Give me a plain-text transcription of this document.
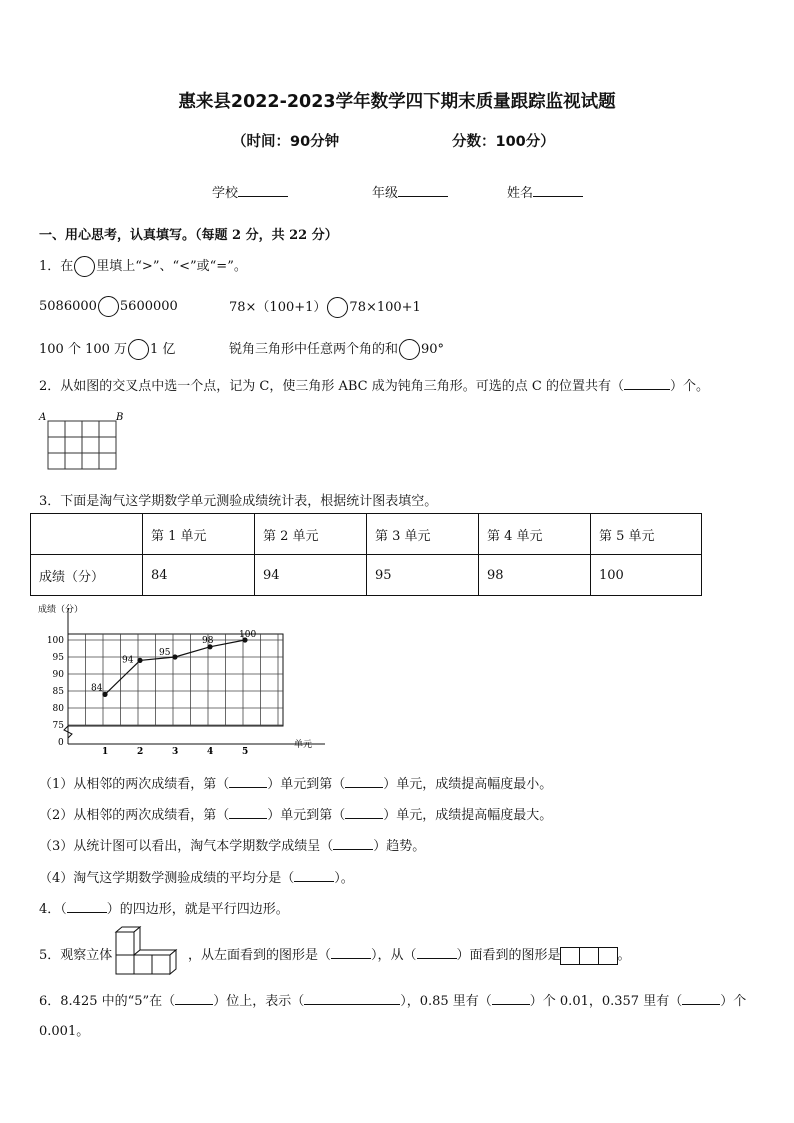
惠来县2022-2023学年数学四下期末质量跟踪监视试题
（时间：90分钟	分数：100分）
学校	年级	姓名
一、用心思考，认真填写。（每题 2 分，共 22 分）
1．在 里填上“>”、“<”或“=”。
5086000 5600000	78×（100+1） 78×100+1
100 个 100 万 1 亿	锐角三角形中任意两个角的和 90°
2．从如图的交叉点中选一个点，记为 C，使三角形 ABC 成为钝角三角形。可选的点 C 的位置共有（	）个。
A	B
3．下面是淘气这学期数学单元测验成绩统计表，根据统计图表填空。
	第 1 单元	第 2 单元	第 3 单元	第 4 单元	第 5 单元
成绩（分）	84	94	95	98	100
75
80
85
90
95
100
0
成绩（分）
单元
1	2	3	4	5
84
94
95
98
100
（1）从相邻的两次成绩看，第（	）单元到第（	）单元，成绩提高幅度最小。
（2）从相邻的两次成绩看，第（	）单元到第（	）单元，成绩提高幅度最大。
（3）从统计图可以看出，淘气本学期数学成绩呈（	）趋势。
（4）淘气这学期数学测验成绩的平均分是（	）。
4．（	）的四边形，就是平行四边形。
5．观察立体	，从左面看到的图形是（	），从（	）面看到的图形是	。
6．8.425 中的“5”在（	）位上，表示（	），0.85 里有（	）个 0.01，0.357 里有（	）个
0.001。
